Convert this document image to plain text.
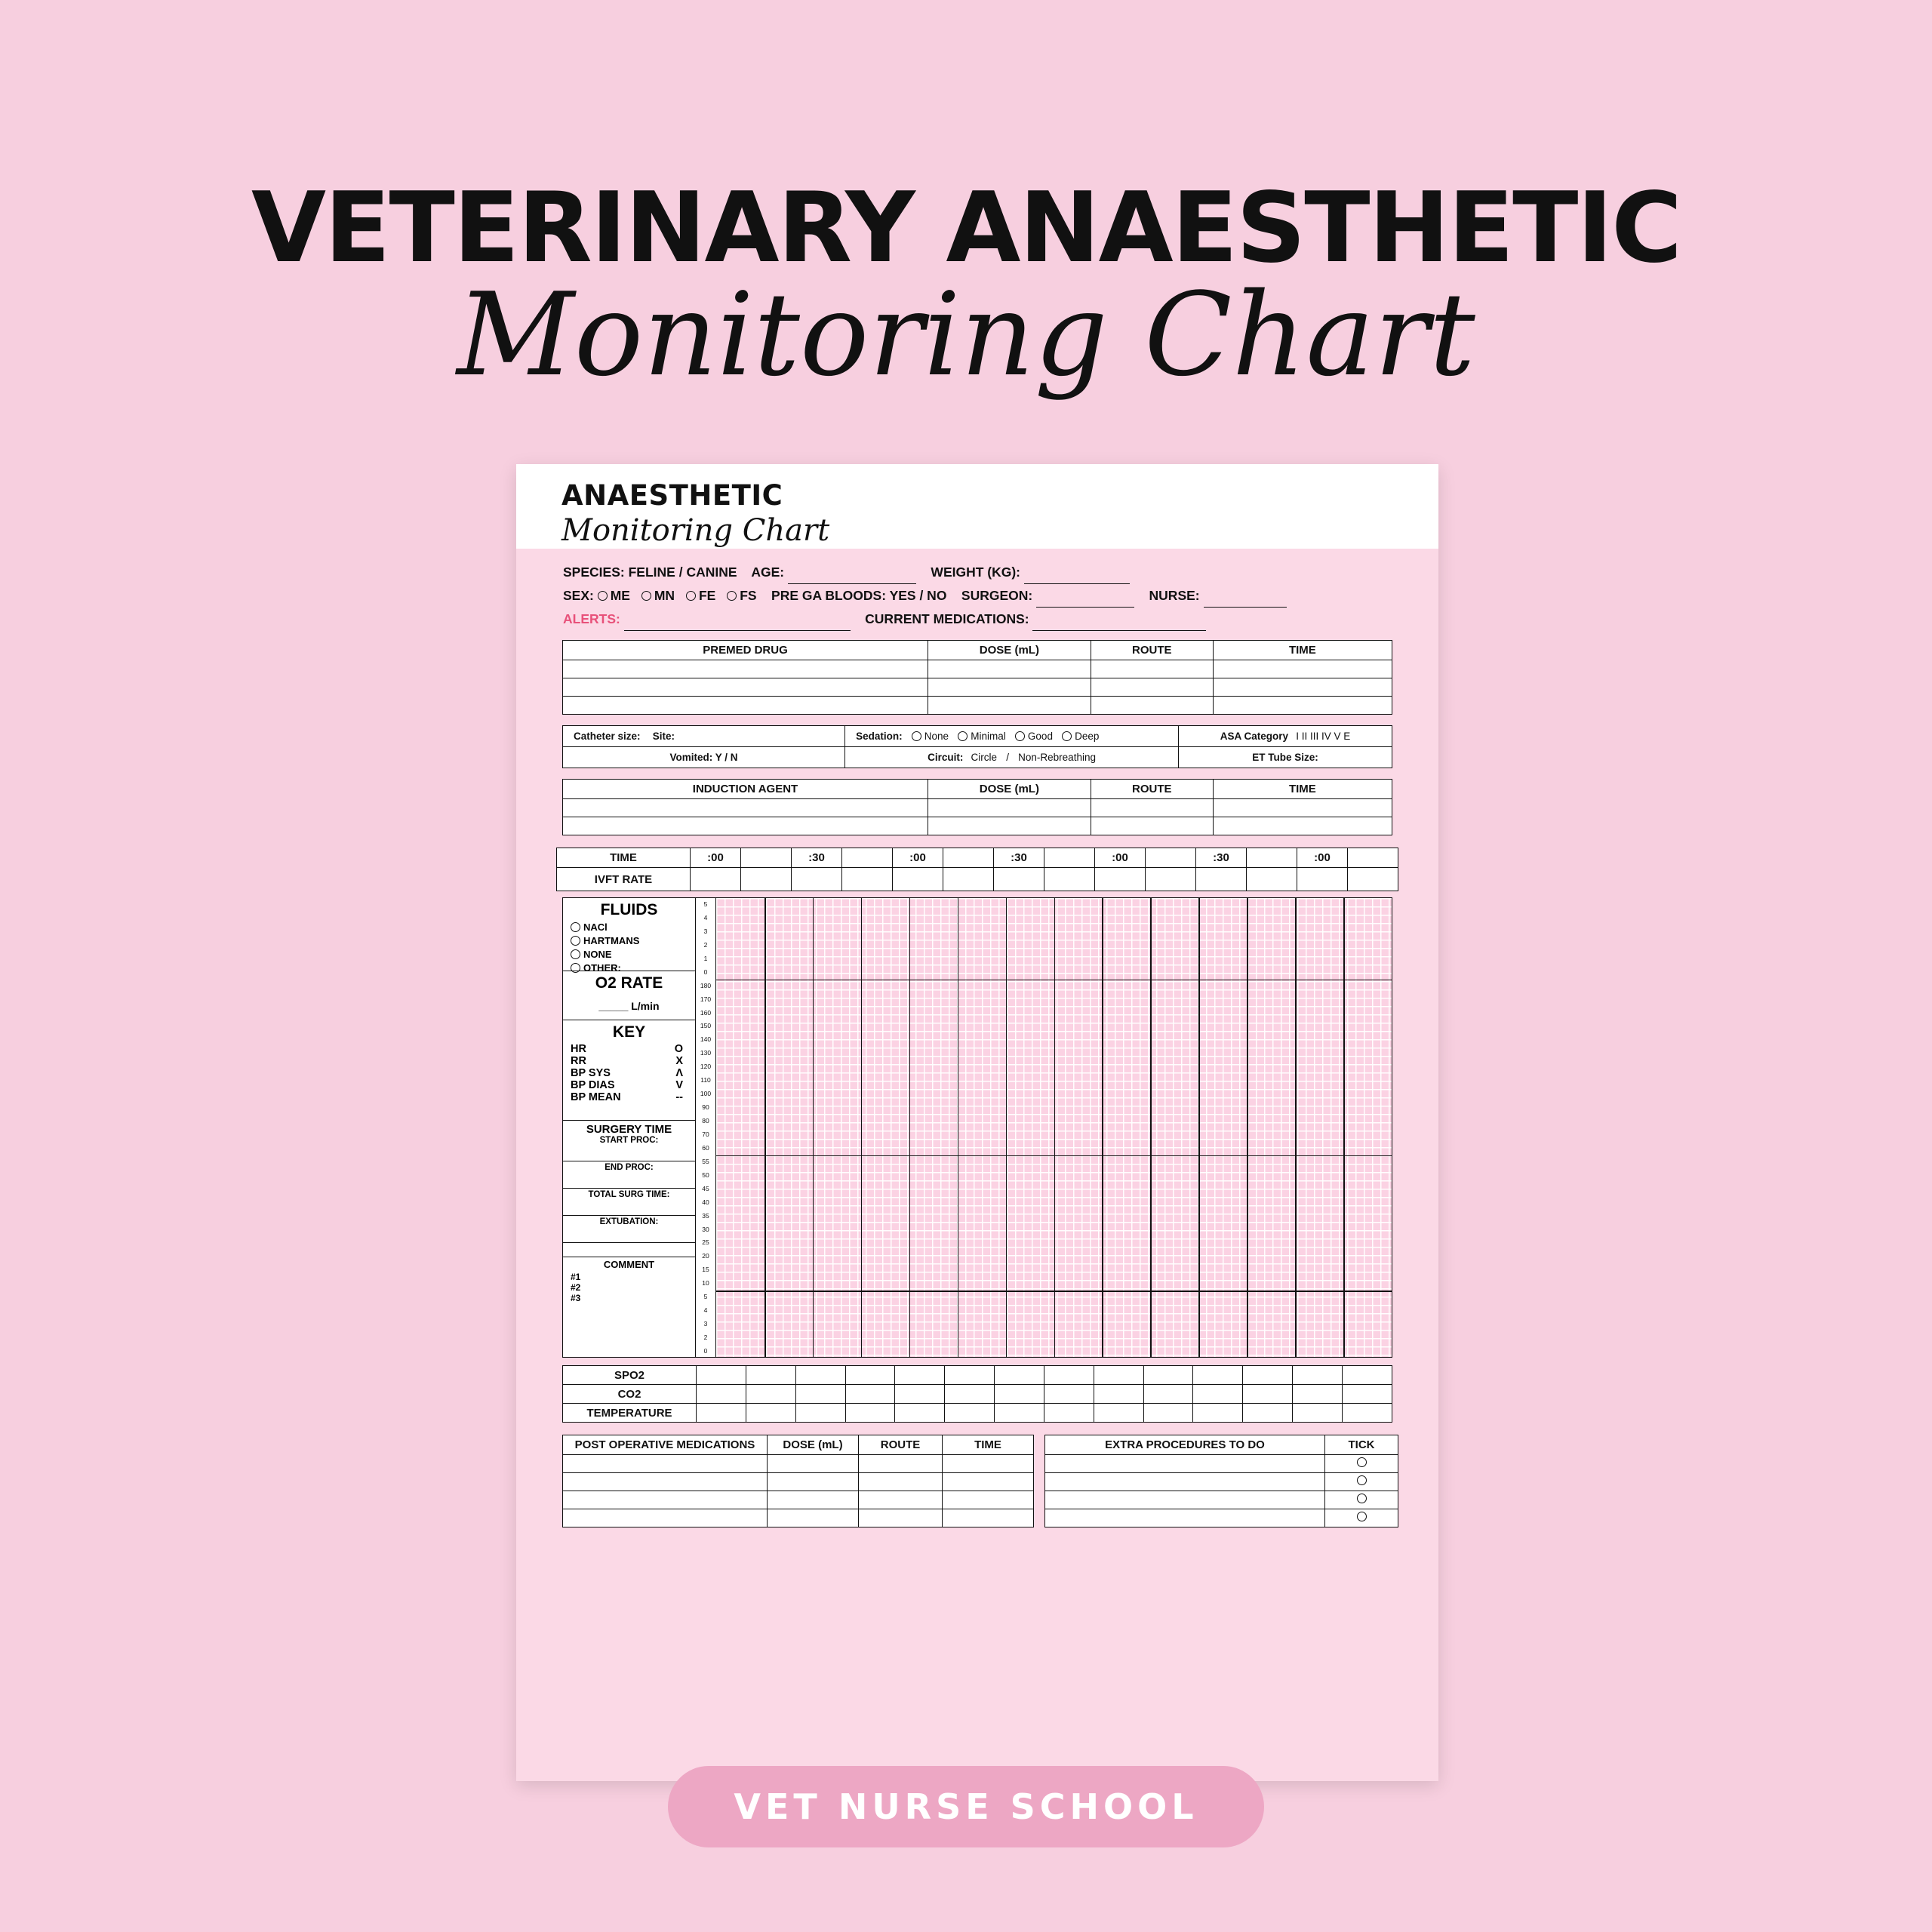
VETERINARY ANAESTHETIC
Monitoring Chart
ANAESTHETIC
Monitoring Chart
SPECIES: FELINE / CANINE AGE:	WEIGHT (KG):
SEX: ME MN FE FS PRE GA BLOODS: YES / NO SURGEON:	NURSE:
ALERTS:	CURRENT MEDICATIONS:
PREMED DRUG	DOSE (mL)	ROUTE	TIME

Catheter size: Site:	Sedation: None Minimal Good Deep	ASA Category I II III IV V E
Vomited: Y / N	Circuit: Circle / Non-Rebreathing	ET Tube Size:
INDUCTION AGENT	DOSE (mL)	ROUTE	TIME

TIME	:00		:30		:00		:30		:00		:30		:00	
IVFT RATE														
FLUIDS
NACl
HARTMANS
NONE
OTHER:
O2 RATE
_____ L/min
KEY
HR	O
RR	X
BP SYS	Λ
BP DIAS	V
BP MEAN	--
SURGERY TIME
START PROC:
END PROC:
TOTAL SURG TIME:
EXTUBATION:
COMMENT
#1
#2
#3
5
4
3
2
1
0
180
170
160
150
140
130
120
110
100
90
80
70
60
55
50
45
40
35
30
25
20
15
10
5
4
3
2
0
SPO2														
CO2														
TEMPERATURE														
POST OPERATIVE MEDICATIONS	DOSE (mL)	ROUTE	TIME

				EXTRA PROCEDURES TO DO	TICK

VET NURSE SCHOOL
